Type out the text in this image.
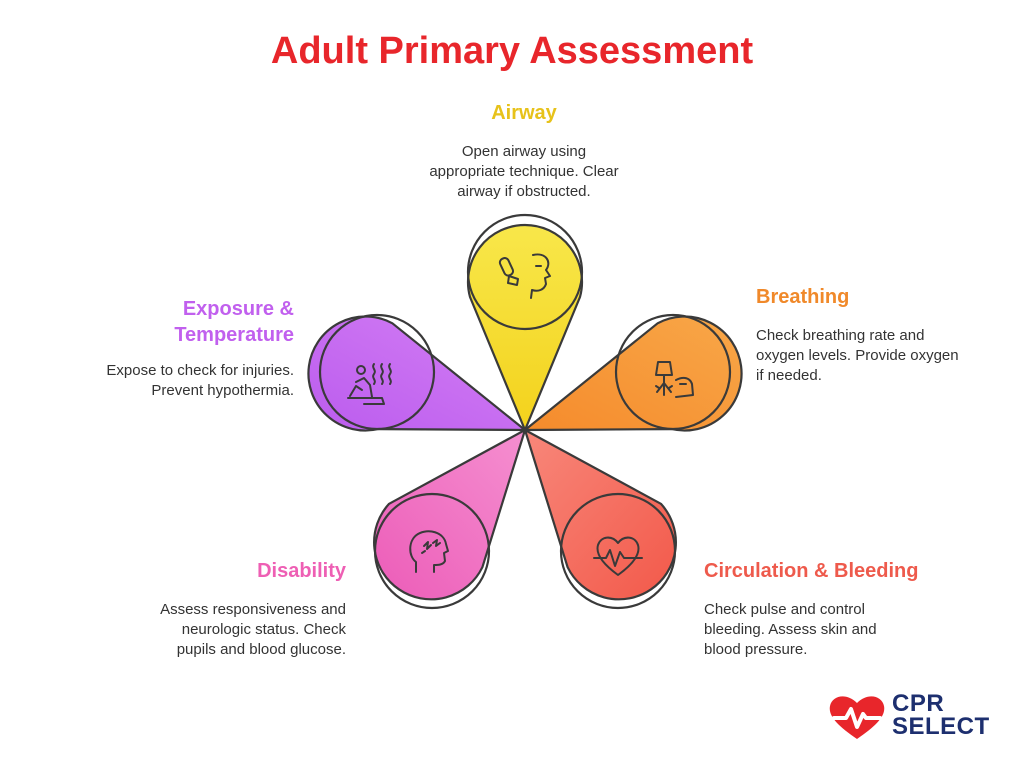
Adult Primary Assessment
Airway
Open airway using
appropriate technique. Clear
airway if obstructed.
Breathing
Check breathing rate and
oxygen levels. Provide oxygen
if needed.
Exposure &
Temperature
Expose to check for injuries.
Prevent hypothermia.
Disability
Assess responsiveness and
neurologic status. Check
pupils and blood glucose.
Circulation & Bleeding
Check pulse and control
bleeding. Assess skin and
blood pressure.
CPR
SELECT
